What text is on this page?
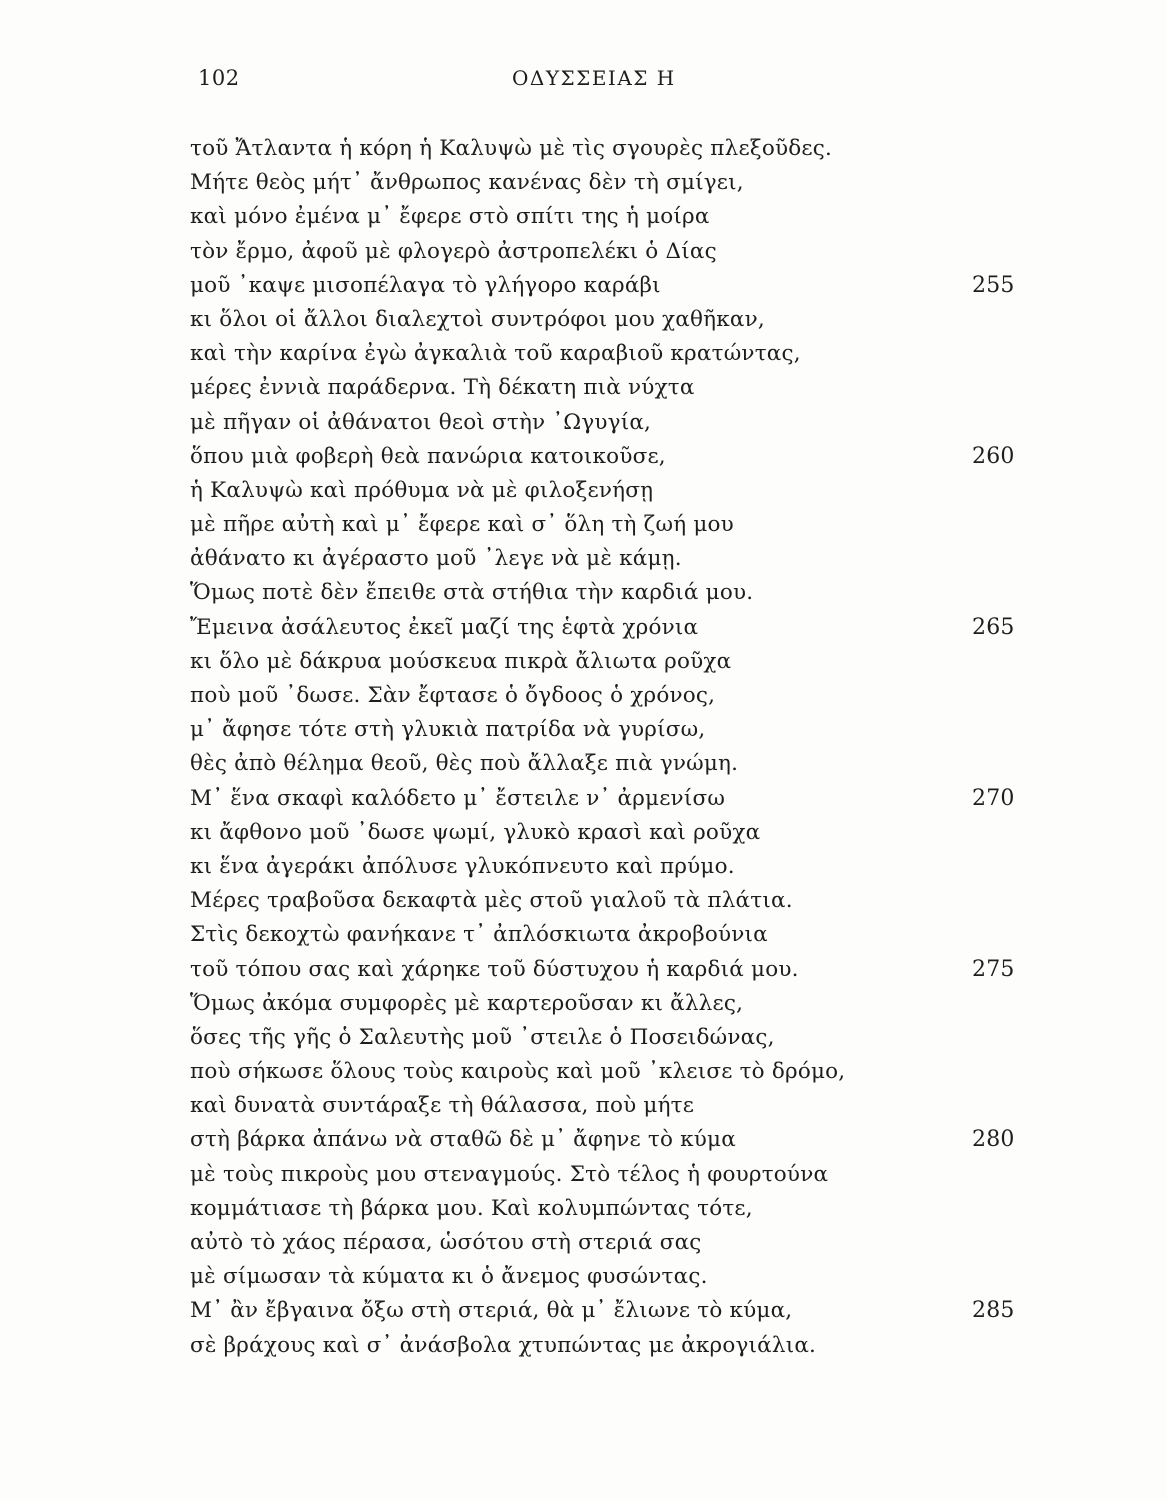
102	ΟΔΥΣΣΕΙΑΣ Η
τοῦ Ἄτλαντα ἡ κόρη ἡ Καλυψὼ μὲ τὶς σγουρὲς πλεξοῦδες.
Μήτε θεὸς μήτ᾽ ἄνθρωπος κανένας δὲν τὴ σμίγει,
καὶ μόνο ἐμένα μ᾽ ἔφερε στὸ σπίτι της ἡ μοίρα
τὸν ἔρμο, ἀφοῦ μὲ φλογερὸ ἀστροπελέκι ὁ Δίας
μοῦ ᾽καψε μισοπέλαγα τὸ γλήγορο καράβι	255
κι ὅλοι οἱ ἄλλοι διαλεχτοὶ συντρόφοι μου χαθῆκαν,
καὶ τὴν καρίνα ἐγὼ ἀγκαλιὰ τοῦ καραβιοῦ κρατώντας,
μέρες ἐννιὰ παράδερνα. Τὴ δέκατη πιὰ νύχτα
μὲ πῆγαν οἱ ἀθάνατοι θεοὶ στὴν ᾽Ωγυγία,
ὅπου μιὰ φοβερὴ θεὰ πανώρια κατοικοῦσε,	260
ἡ Καλυψὼ καὶ πρόθυμα νὰ μὲ φιλοξενήσῃ
μὲ πῆρε αὐτὴ καὶ μ᾽ ἔφερε καὶ σ᾽ ὅλη τὴ ζωή μου
ἀθάνατο κι ἀγέραστο μοῦ ᾽λεγε νὰ μὲ κάμῃ.
Ὅμως ποτὲ δὲν ἔπειθε στὰ στήθια τὴν καρδιά μου.
Ἔμεινα ἀσάλευτος ἐκεῖ μαζί της ἑφτὰ χρόνια	265
κι ὅλο μὲ δάκρυα μούσκευα πικρὰ ἄλιωτα ροῦχα
ποὺ μοῦ ᾽δωσε. Σὰν ἔφτασε ὁ ὄγδοος ὁ χρόνος,
μ᾽ ἄφησε τότε στὴ γλυκιὰ πατρίδα νὰ γυρίσω,
θὲς ἀπὸ θέλημα θεοῦ, θὲς ποὺ ἄλλαξε πιὰ γνώμη.
Μ᾽ ἕνα σκαφὶ καλόδετο μ᾽ ἔστειλε ν᾽ ἀρμενίσω	270
κι ἄφθονο μοῦ ᾽δωσε ψωμί, γλυκὸ κρασὶ καὶ ροῦχα
κι ἕνα ἀγεράκι ἀπόλυσε γλυκόπνευτο καὶ πρύμο.
Μέρες τραβοῦσα δεκαφτὰ μὲς στοῦ γιαλοῦ τὰ πλάτια.
Στὶς δεκοχτὼ φανήκανε τ᾽ ἀπλόσκιωτα ἀκροβούνια
τοῦ τόπου σας καὶ χάρηκε τοῦ δύστυχου ἡ καρδιά μου.	275
Ὅμως ἀκόμα συμφορὲς μὲ καρτεροῦσαν κι ἄλλες,
ὅσες τῆς γῆς ὁ Σαλευτὴς μοῦ ᾽στειλε ὁ Ποσειδώνας,
ποὺ σήκωσε ὅλους τοὺς καιροὺς καὶ μοῦ ᾽κλεισε τὸ δρόμο,
καὶ δυνατὰ συντάραξε τὴ θάλασσα, ποὺ μήτε
στὴ βάρκα ἀπάνω νὰ σταθῶ δὲ μ᾽ ἄφηνε τὸ κύμα	280
μὲ τοὺς πικροὺς μου στεναγμούς. Στὸ τέλος ἡ φουρτούνα
κομμάτιασε τὴ βάρκα μου. Καὶ κολυμπώντας τότε,
αὐτὸ τὸ χάος πέρασα, ὡσότου στὴ στεριά σας
μὲ σίμωσαν τὰ κύματα κι ὁ ἄνεμος φυσώντας.
Μ᾽ ἂν ἔβγαινα ὄξω στὴ στεριά, θὰ μ᾽ ἔλιωνε τὸ κύμα,	285
σὲ βράχους καὶ σ᾽ ἀνάσβολα χτυπώντας με ἀκρογιάλια.
